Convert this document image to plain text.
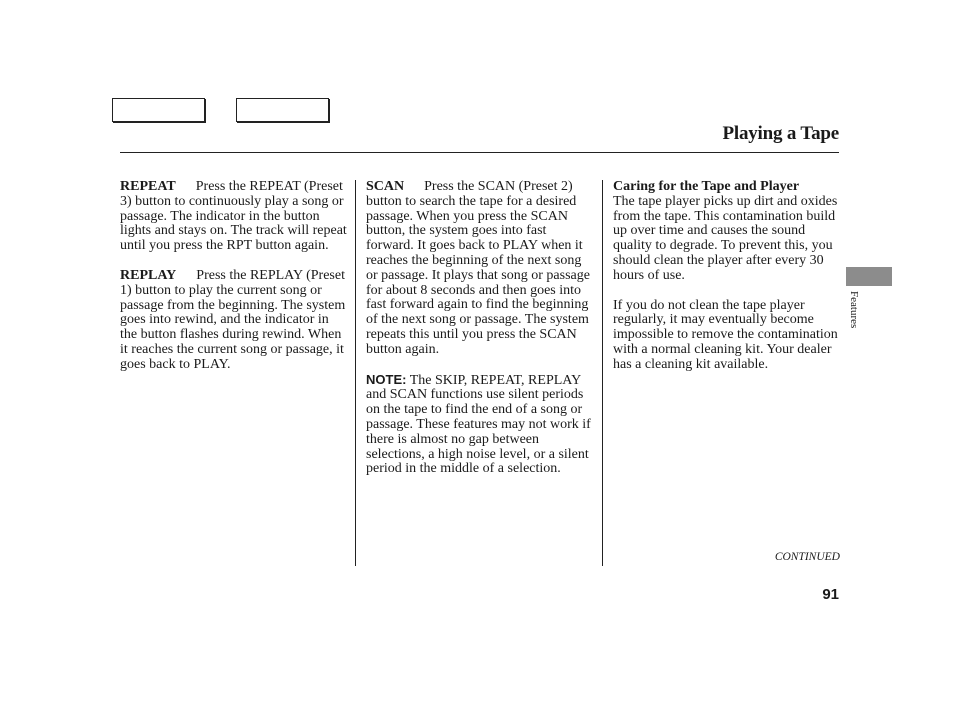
Playing a Tape

REPEAT Press the REPEAT (Preset 3) button to continuously play a song or passage. The indicator in the button lights and stays on. The track will repeat until you press the RPT button again.

REPLAY Press the REPLAY (Preset 1) button to play the current song or passage from the beginning. The system goes into rewind, and the indicator in the button flashes during rewind. When it reaches the current song or passage, it goes back to PLAY.

SCAN Press the SCAN (Preset 2) button to search the tape for a desired passage. When you press the SCAN button, the system goes into fast forward. It goes back to PLAY when it reaches the beginning of the next song or passage. It plays that song or passage for about 8 seconds and then goes into fast forward again to find the beginning of the next song or passage. The system repeats this until you press the SCAN button again.

NOTE: The SKIP, REPEAT, REPLAY and SCAN functions use silent periods on the tape to find the end of a song or passage. These features may not work if there is almost no gap between selections, a high noise level, or a silent period in the middle of a selection.

Caring for the Tape and Player
The tape player picks up dirt and oxides from the tape. This contamination build up over time and causes the sound quality to degrade. To prevent this, you should clean the player after every 30 hours of use.

If you do not clean the tape player regularly, it may eventually become impossible to remove the contamination with a normal cleaning kit. Your dealer has a cleaning kit available.

Features
CONTINUED
91
